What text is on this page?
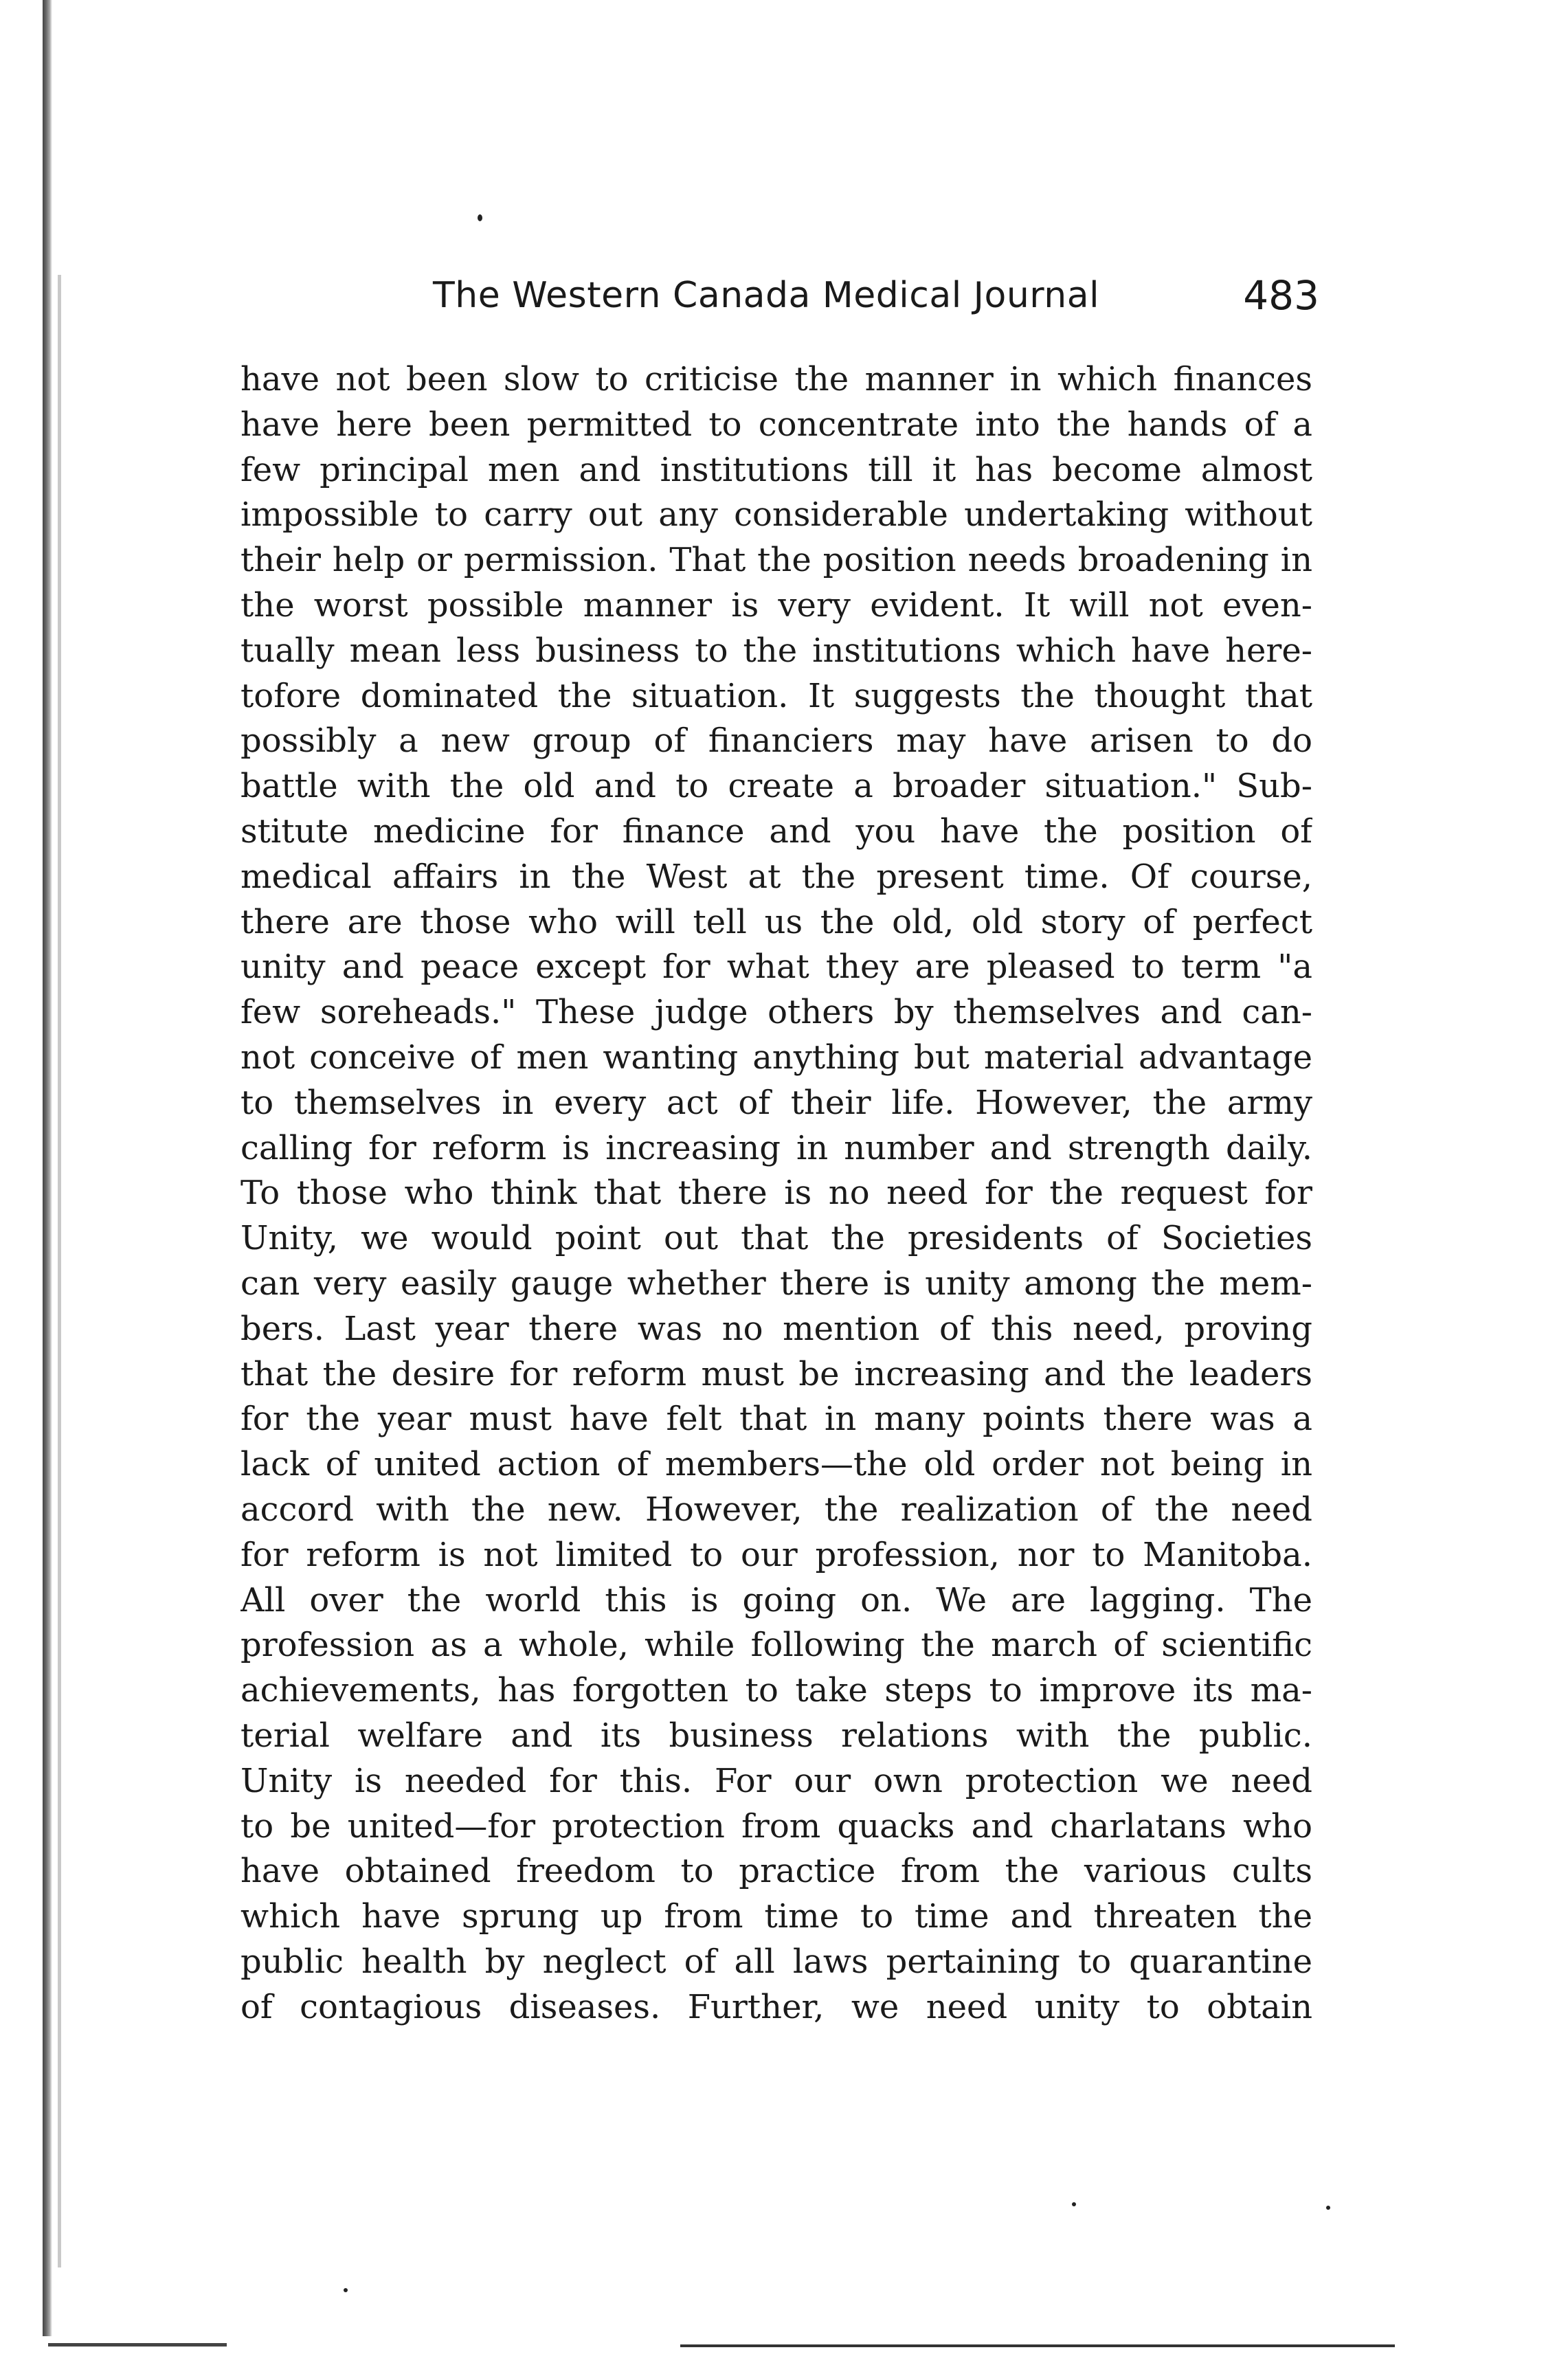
The Western Canada Medical Journal	483
have not been slow to criticise the manner in which finances
have here been permitted to concentrate into the hands of a
few principal men and institutions till it has become almost
impossible to carry out any considerable undertaking without
their help or permission. That the position needs broadening in
the worst possible manner is very evident. It will not even-
tually mean less business to the institutions which have here-
tofore dominated the situation. It suggests the thought that
possibly a new group of financiers may have arisen to do
battle with the old and to create a broader situation." Sub-
stitute medicine for finance and you have the position of
medical affairs in the West at the present time. Of course,
there are those who will tell us the old, old story of perfect
unity and peace except for what they are pleased to term "a
few soreheads." These judge others by themselves and can-
not conceive of men wanting anything but material advantage
to themselves in every act of their life. However, the army
calling for reform is increasing in number and strength daily.
To those who think that there is no need for the request for
Unity, we would point out that the presidents of Societies
can very easily gauge whether there is unity among the mem-
bers. Last year there was no mention of this need, proving
that the desire for reform must be increasing and the leaders
for the year must have felt that in many points there was a
lack of united action of members—the old order not being in
accord with the new. However, the realization of the need
for reform is not limited to our profession, nor to Manitoba.
All over the world this is going on. We are lagging. The
profession as a whole, while following the march of scientific
achievements, has forgotten to take steps to improve its ma-
terial welfare and its business relations with the public.
Unity is needed for this. For our own protection we need
to be united—for protection from quacks and charlatans who
have obtained freedom to practice from the various cults
which have sprung up from time to time and threaten the
public health by neglect of all laws pertaining to quarantine
of contagious diseases. Further, we need unity to obtain
